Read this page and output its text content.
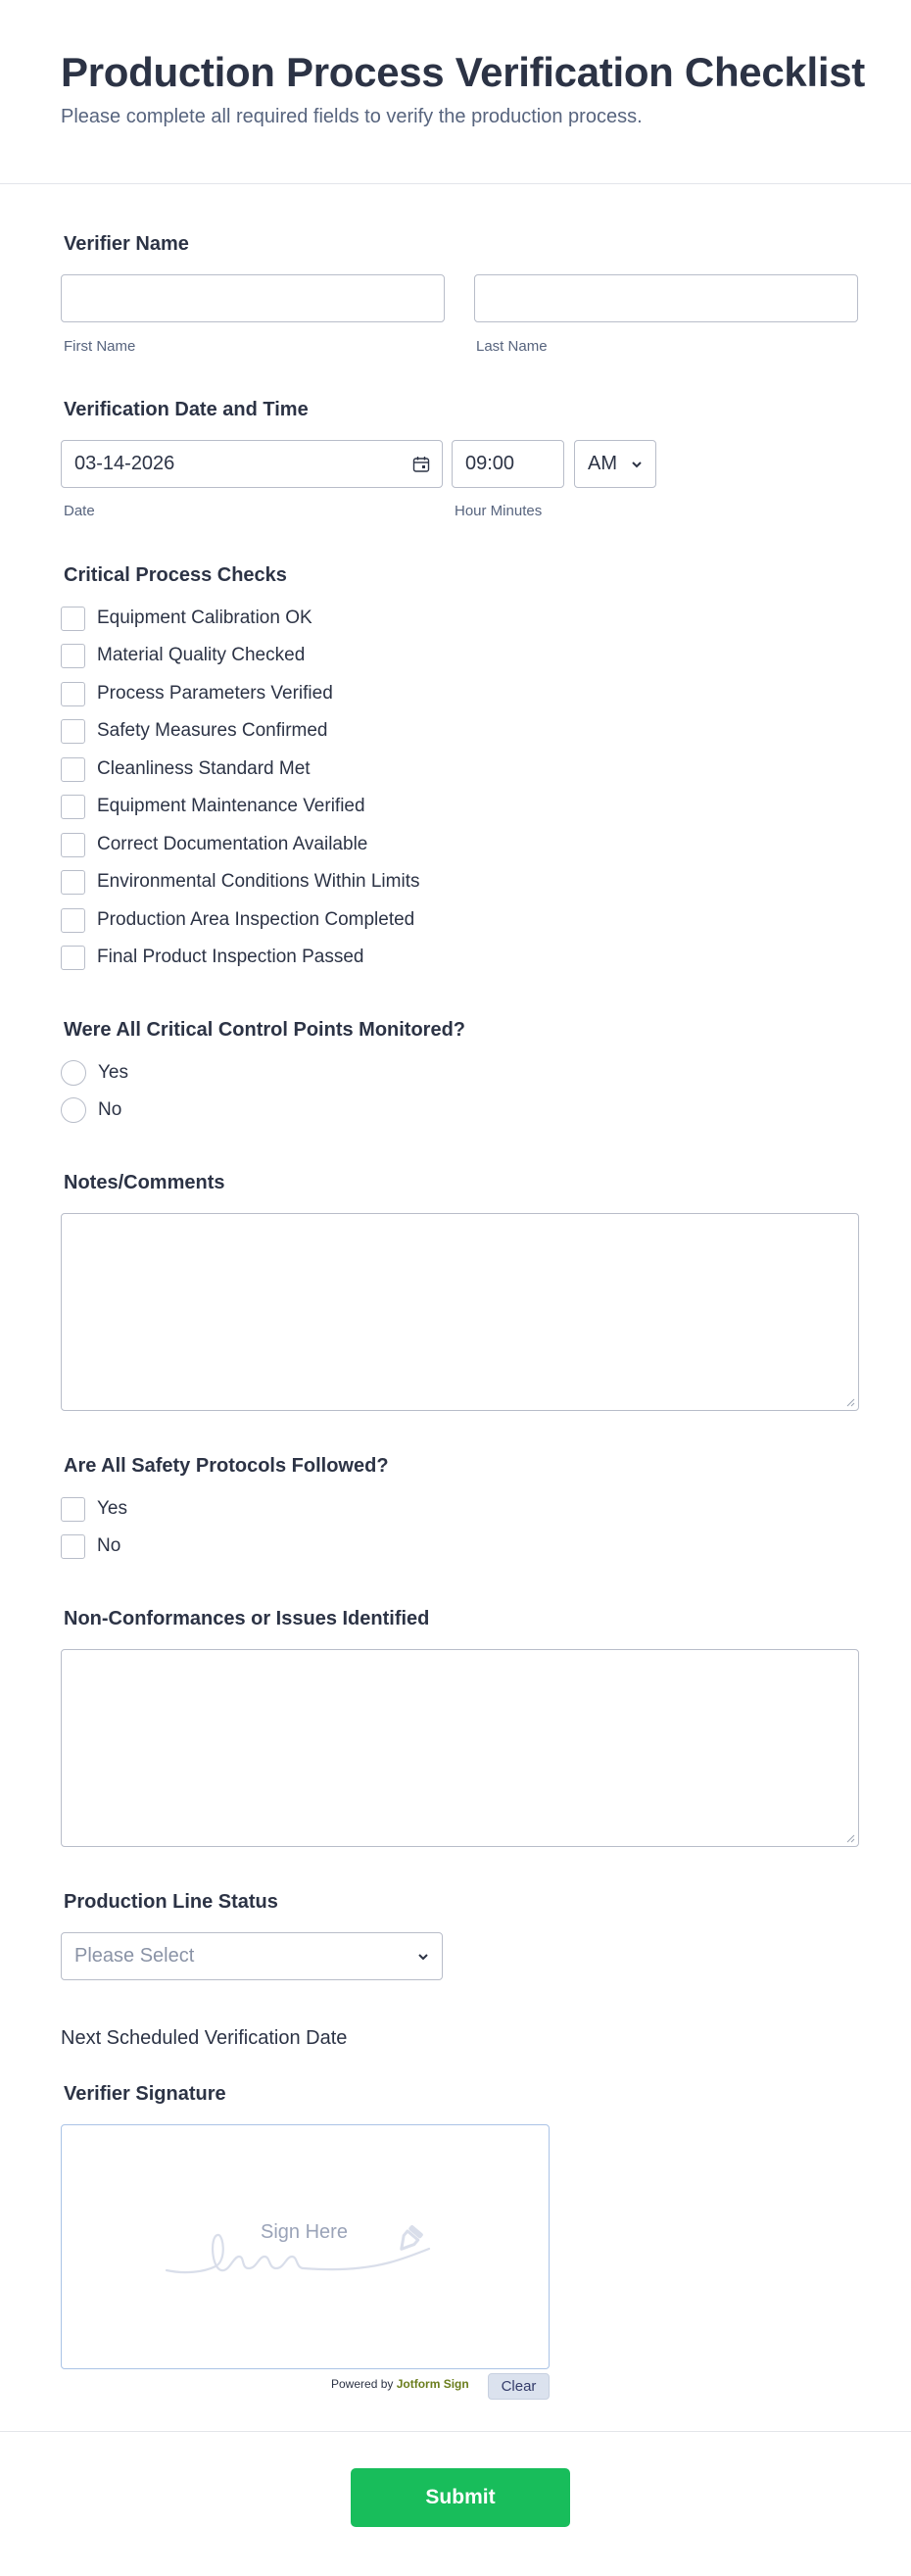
Production Process Verification Checklist
Please complete all required fields to verify the production process.
Verifier Name
First Name	Last Name
Verification Date and Time
03-14-2026	09:00	AM
Date	Hour Minutes
Critical Process Checks
Equipment Calibration OK
Material Quality Checked
Process Parameters Verified
Safety Measures Confirmed
Cleanliness Standard Met
Equipment Maintenance Verified
Correct Documentation Available
Environmental Conditions Within Limits
Production Area Inspection Completed
Final Product Inspection Passed
Were All Critical Control Points Monitored?
Yes
No
Notes/Comments
Are All Safety Protocols Followed?
Yes
No
Non-Conformances or Issues Identified
Production Line Status
Please Select
Next Scheduled Verification Date
Verifier Signature
Sign Here
Powered by Jotform Sign	Clear
Submit
